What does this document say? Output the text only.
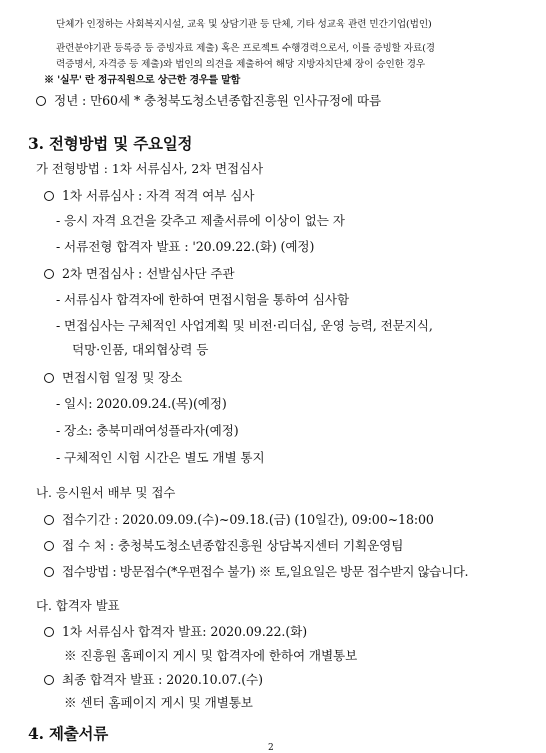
단체가 인정하는 사회복지시설, 교육 및 상담기관 등 단체, 기타 성교육 관련 민간기업(법인)
관련분야기관 등록증 등 증빙자료 제출) 혹은 프로젝트 수행경력으로서, 이를 증빙할 자료(경
력증명서, 자격증 등 제출)와 법인의 의견을 제출하여 해당 지방자치단체 장이 승인한 경우
※ '실무' 란 정규직원으로 상근한 경우를 말함
정년 : 만60세 * 충청북도청소년종합진흥원 인사규정에 따름
3. 전형방법 및 주요일정
가 전형방법 : 1차 서류심사, 2차 면접심사
1차 서류심사 : 자격 적격 여부 심사
- 응시 자격 요건을 갖추고 제출서류에 이상이 없는 자
- 서류전형 합격자 발표 : '20.09.22.(화) (예정)
2차 면접심사 : 선발심사단 주관
- 서류심사 합격자에 한하여 면접시험을 통하여 심사함
- 면접심사는 구체적인 사업계획 및 비전·리더십, 운영 능력, 전문지식,
덕망·인품, 대외협상력 등
면접시험 일정 및 장소
- 일시: 2020.09.24.(목)(예정)
- 장소: 충북미래여성플라자(예정)
- 구체적인 시험 시간은 별도 개별 통지
나. 응시원서 배부 및 접수
접수기간 : 2020.09.09.(수)~09.18.(금) (10일간), 09:00~18:00
접 수 처 : 충청북도청소년종합진흥원 상담복지센터 기획운영팀
접수방법 : 방문접수(*우편접수 불가) ※ 토,일요일은 방문 접수받지 않습니다.
다. 합격자 발표
1차 서류심사 합격자 발표: 2020.09.22.(화)
※ 진흥원 홈페이지 게시 및 합격자에 한하여 개별통보
최종 합격자 발표 : 2020.10.07.(수)
※ 센터 홈페이지 게시 및 개별통보
4. 제출서류
2
